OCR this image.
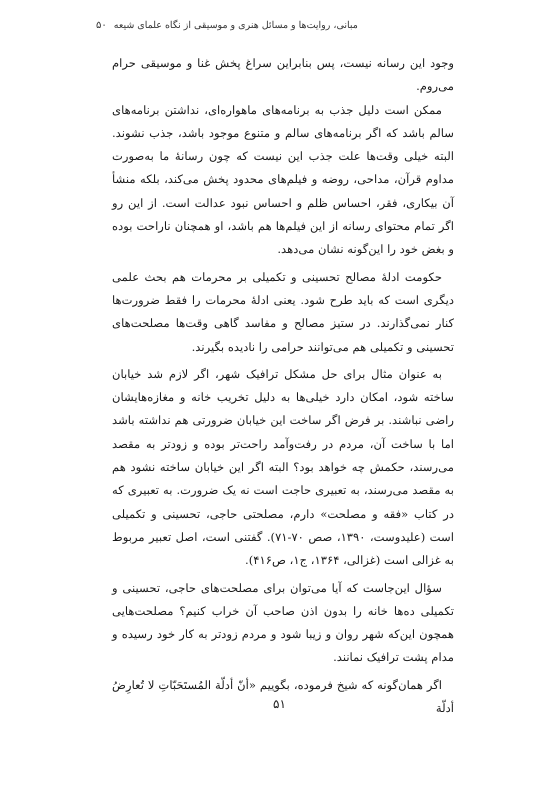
مبانی، روایت‌ها و مسائل هنری و موسیقی از نگاه علمای شیعه ۵۰

وجود این رسانه نیست، پس بنابراین سراغ پخش غنا و موسیقی حرام می‌روم.

ممکن است دلیل جذب به برنامه‌های ماهواره‌ای، نداشتن برنامه‌های سالم باشد که اگر برنامه‌های سالم و متنوع موجود باشد، جذب نشوند. البته خیلی وقت‌ها علت جذب این نیست که چون رسانهٔ ما به‌صورت مداوم قرآن، مداحی، روضه و فیلم‌های محدود پخش می‌کند، بلکه منشأ آن بیکاری، فقر، احساس ظلم و احساس نبود عدالت است. از این رو اگر تمام محتوای رسانه از این فیلم‌ها هم باشد، او همچنان ناراحت بوده و بغض خود را این‌گونه نشان می‌دهد.

حکومت ادلهٔ مصالح تحسینی و تکمیلی بر محرمات هم بحث علمی دیگری است که باید طرح شود. یعنی ادلهٔ محرمات را فقط ضرورت‌ها کنار نمی‌گذارند. در ستیز مصالح و مفاسد گاهی وقت‌ها مصلحت‌های تحسینی و تکمیلی هم می‌توانند حرامی را نادیده بگیرند.

به عنوان مثال برای حل مشکل ترافیک شهر، اگر لازم شد خیابان ساخته شود، امکان دارد خیلی‌ها به دلیل تخریب خانه و مغازه‌هایشان راضی نباشند. بر فرض اگر ساخت این خیابان ضرورتی هم نداشته باشد اما با ساخت آن، مردم در رفت‌وآمد راحت‌تر بوده و زودتر به مقصد می‌رسند، حکمش چه خواهد بود؟ البته اگر این خیابان ساخته نشود هم به مقصد می‌رسند، به تعبیری حاجت است نه یک ضرورت. به تعبیری که در کتاب «فقه و مصلحت» دارم، مصلحتی حاجی، تحسینی و تکمیلی است (علیدوست، ۱۳۹۰، صص ۷۰-۷۱). گفتنی است، اصل تعبیر مربوط به غزالی است (غزالی، ۱۳۶۴، ج۱، ص۴۱۶).

سؤال این‌جاست که آیا می‌توان برای مصلحت‌های حاجی، تحسینی و تکمیلی ده‌ها خانه را بدون اذن صاحب آن خراب کنیم؟ مصلحت‌هایی همچون این‌که شهر روان و زیبا شود و مردم زودتر به کار خود رسیده و مدام پشت ترافیک نمانند.

اگر همان‌گونه که شیخ فرموده، بگوییم «أنّ أدلّة المُستَحَبّاتِ لا تُعارِضُ أدلّة

۵۱
